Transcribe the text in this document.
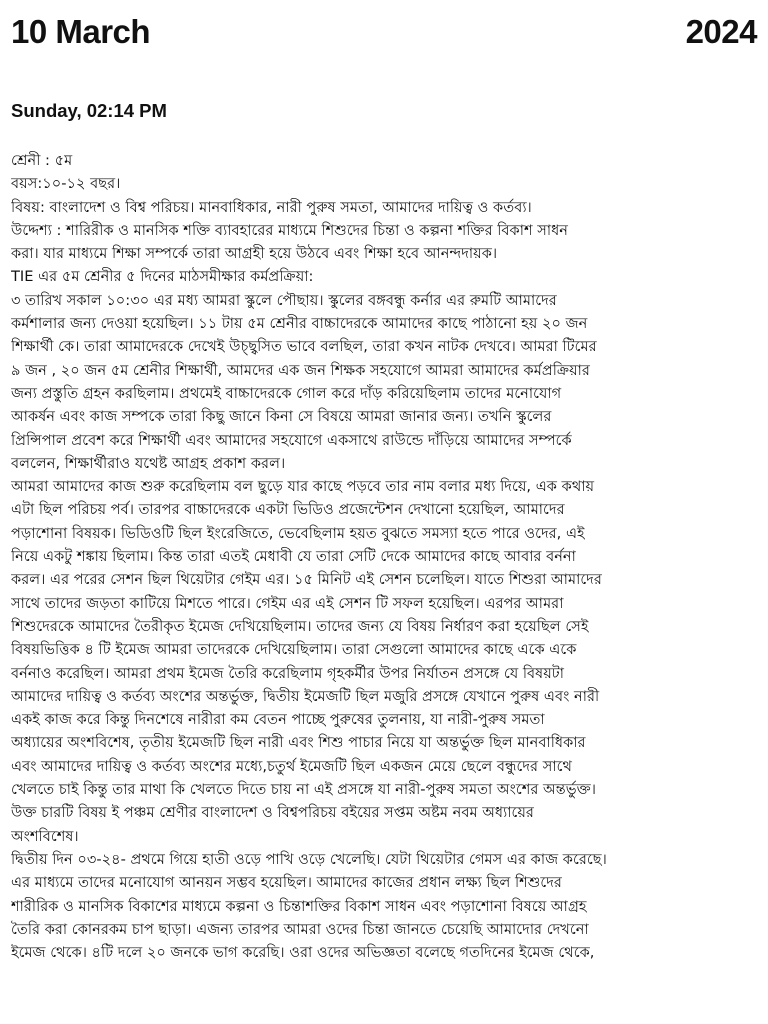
10 March	2024
Sunday, 02:14 PM
শ্রেনী : ৫ম
বয়স:১০-১২ বছর।
বিষয়: বাংলাদেশ ও বিশ্ব পরিচয়। মানবাধিকার, নারী পুরুষ সমতা, আমাদের দায়িত্ব ও কর্তব্য।
উদ্দেশ্য : শারিরীক ও মানসিক শক্তি ব্যাবহারের মাধ্যমে শিশুদের চিন্তা ও কল্পনা শক্তির বিকাশ সাধন
করা। যার মাধ্যমে শিক্ষা সম্পর্কে তারা আগ্রহী হয়ে উঠবে এবং শিক্ষা হবে আনন্দদায়ক।
TIE এর ৫ম শ্রেনীর ৫ দিনের মাঠসমীক্ষার কর্মপ্রক্রিয়া:
৩ তারিখ সকাল ১০:৩০ এর মধ্য আমরা স্কুলে পৌছায়। স্কুলের বঙ্গবন্ধু কর্নার এর রুমটি আমাদের
কর্মশালার জন্য দেওয়া হয়েছিল। ১১ টায় ৫ম শ্রেনীর বাচ্চাদেরকে আমাদের কাছে পাঠানো হয় ২০ জন
শিক্ষার্থী কে। তারা আমাদেরকে দেখেই উচ্ছ্বসিত ভাবে বলছিল, তারা কখন নাটক দেখবে। আমরা টিমের
৯ জন , ২০ জন ৫ম শ্রেনীর শিক্ষার্থী, আমদের এক জন শিক্ষক সহযোগে আমরা আমাদের কর্মপ্রক্রিয়ার
জন্য প্রস্তুতি গ্রহন করছিলাম। প্রথমেই বাচ্চাদেরকে গোল করে দাঁড় করিয়েছিলাম তাদের মনোযোগ
আকর্ষন এবং কাজ সম্পকে তারা কিছু জানে কিনা সে বিষয়ে আমরা জানার জন্য। তখনি স্কুলের
প্রিন্সিপাল প্রবেশ করে শিক্ষার্থী এবং আমাদের সহযোগে একসাথে রাউন্ডে দাঁড়িয়ে আমাদের সম্পর্কে
বললেন, শিক্ষার্থীরাও যথেষ্ট আগ্রহ প্রকাশ করল।
আমরা আমাদের কাজ শুরু করেছিলাম বল ছুড়ে যার কাছে পড়বে তার নাম বলার মধ্য দিয়ে, এক কথায়
এটা ছিল পরিচয় পর্ব। তারপর বাচ্চাদেরকে একটা ভিডিও প্রজেন্টেশন দেখানো হয়েছিল, আমাদের
পড়াশোনা বিষয়ক। ভিডিওটি ছিল ইংরেজিতে, ভেবেছিলাম হয়ত বুঝতে সমস্যা হতে পারে ওদের, এই
নিয়ে একটু শঙ্কায় ছিলাম। কিন্ত তারা এতই মেধাবী যে তারা সেটি দেকে আমাদের কাছে আবার বর্ননা
করল। এর পরের সেশন ছিল থিয়েটার গেইম এর। ১৫ মিনিট এই সেশন চলেছিল। যাতে শিশুরা আমাদের
সাথে তাদের জড়তা কাটিয়ে মিশতে পারে। গেইম এর এই সেশন টি সফল হয়েছিল। এরপর আমরা
শিশুদেরকে আমাদের তৈরীকৃত ইমেজ দেখিয়েছিলাম। তাদের জন্য যে বিষয় নির্ধারণ করা হয়েছিল সেই
বিষয়ভিত্তিক ৪ টি ইমেজ আমরা তাদেরকে দেখিয়েছিলাম। তারা সেগুলো আমাদের কাছে একে একে
বর্ননাও করেছিল। আমরা প্রথম ইমেজ তৈরি করেছিলাম গৃহকর্মীর উপর নির্যাতন প্রসঙ্গে যে বিষয়টা
আমাদের দায়িত্ব ও কর্তব্য অংশের অন্তর্ভুক্ত, দ্বিতীয় ইমেজটি ছিল মজুরি প্রসঙ্গে যেখানে পুরুষ এবং নারী
একই কাজ করে কিন্তু দিনশেষে নারীরা কম বেতন পাচ্ছে পুরুষের তুলনায়, যা নারী-পুরুষ সমতা
অধ্যায়ের অংশবিশেষ, তৃতীয় ইমেজটি ছিল নারী এবং শিশু পাচার নিয়ে যা অন্তর্ভুক্ত ছিল মানবাধিকার
এবং আমাদের দায়িত্ব ও কর্তব্য অংশের মধ্যে,চতুর্থ ইমেজটি ছিল একজন মেয়ে ছেলে বন্ধুদের সাথে
খেলতে চাই কিন্তু তার মাথা কি খেলতে দিতে চায় না এই প্রসঙ্গে যা নারী-পুরুষ সমতা অংশের অন্তর্ভুক্ত।
উক্ত চারটি বিষয় ই পঞ্চম শ্রেণীর বাংলাদেশ ও বিশ্বপরিচয় বইয়ের সপ্তম অষ্টম নবম অধ্যায়ের
অংশবিশেষ।
দ্বিতীয় দিন ০৩-২৪- প্রথমে গিয়ে হাতী ওড়ে পাখি ওড়ে খেলেছি। যেটা থিয়েটার গেমস এর কাজ করেছে।
এর মাধ্যমে তাদের মনোযোগ আনয়ন সম্ভব হয়েছিল। আমাদের কাজের প্রধান লক্ষ্য ছিল শিশুদের
শারীরিক ও মানসিক বিকাশের মাধ্যমে কল্পনা ও চিন্তাশক্তির বিকাশ সাধন এবং পড়াশোনা বিষয়ে আগ্রহ
তৈরি করা কোনরকম চাপ ছাড়া। এজন্য তারপর আমরা ওদের চিন্তা জানতে চেয়েছি আমাদোর দেখনো
ইমেজ থেকে। ৪টি দলে ২০ জনকে ভাগ করেছি। ওরা ওদের অভিজ্ঞতা বলেছে গতদিনের ইমেজ থেকে,
